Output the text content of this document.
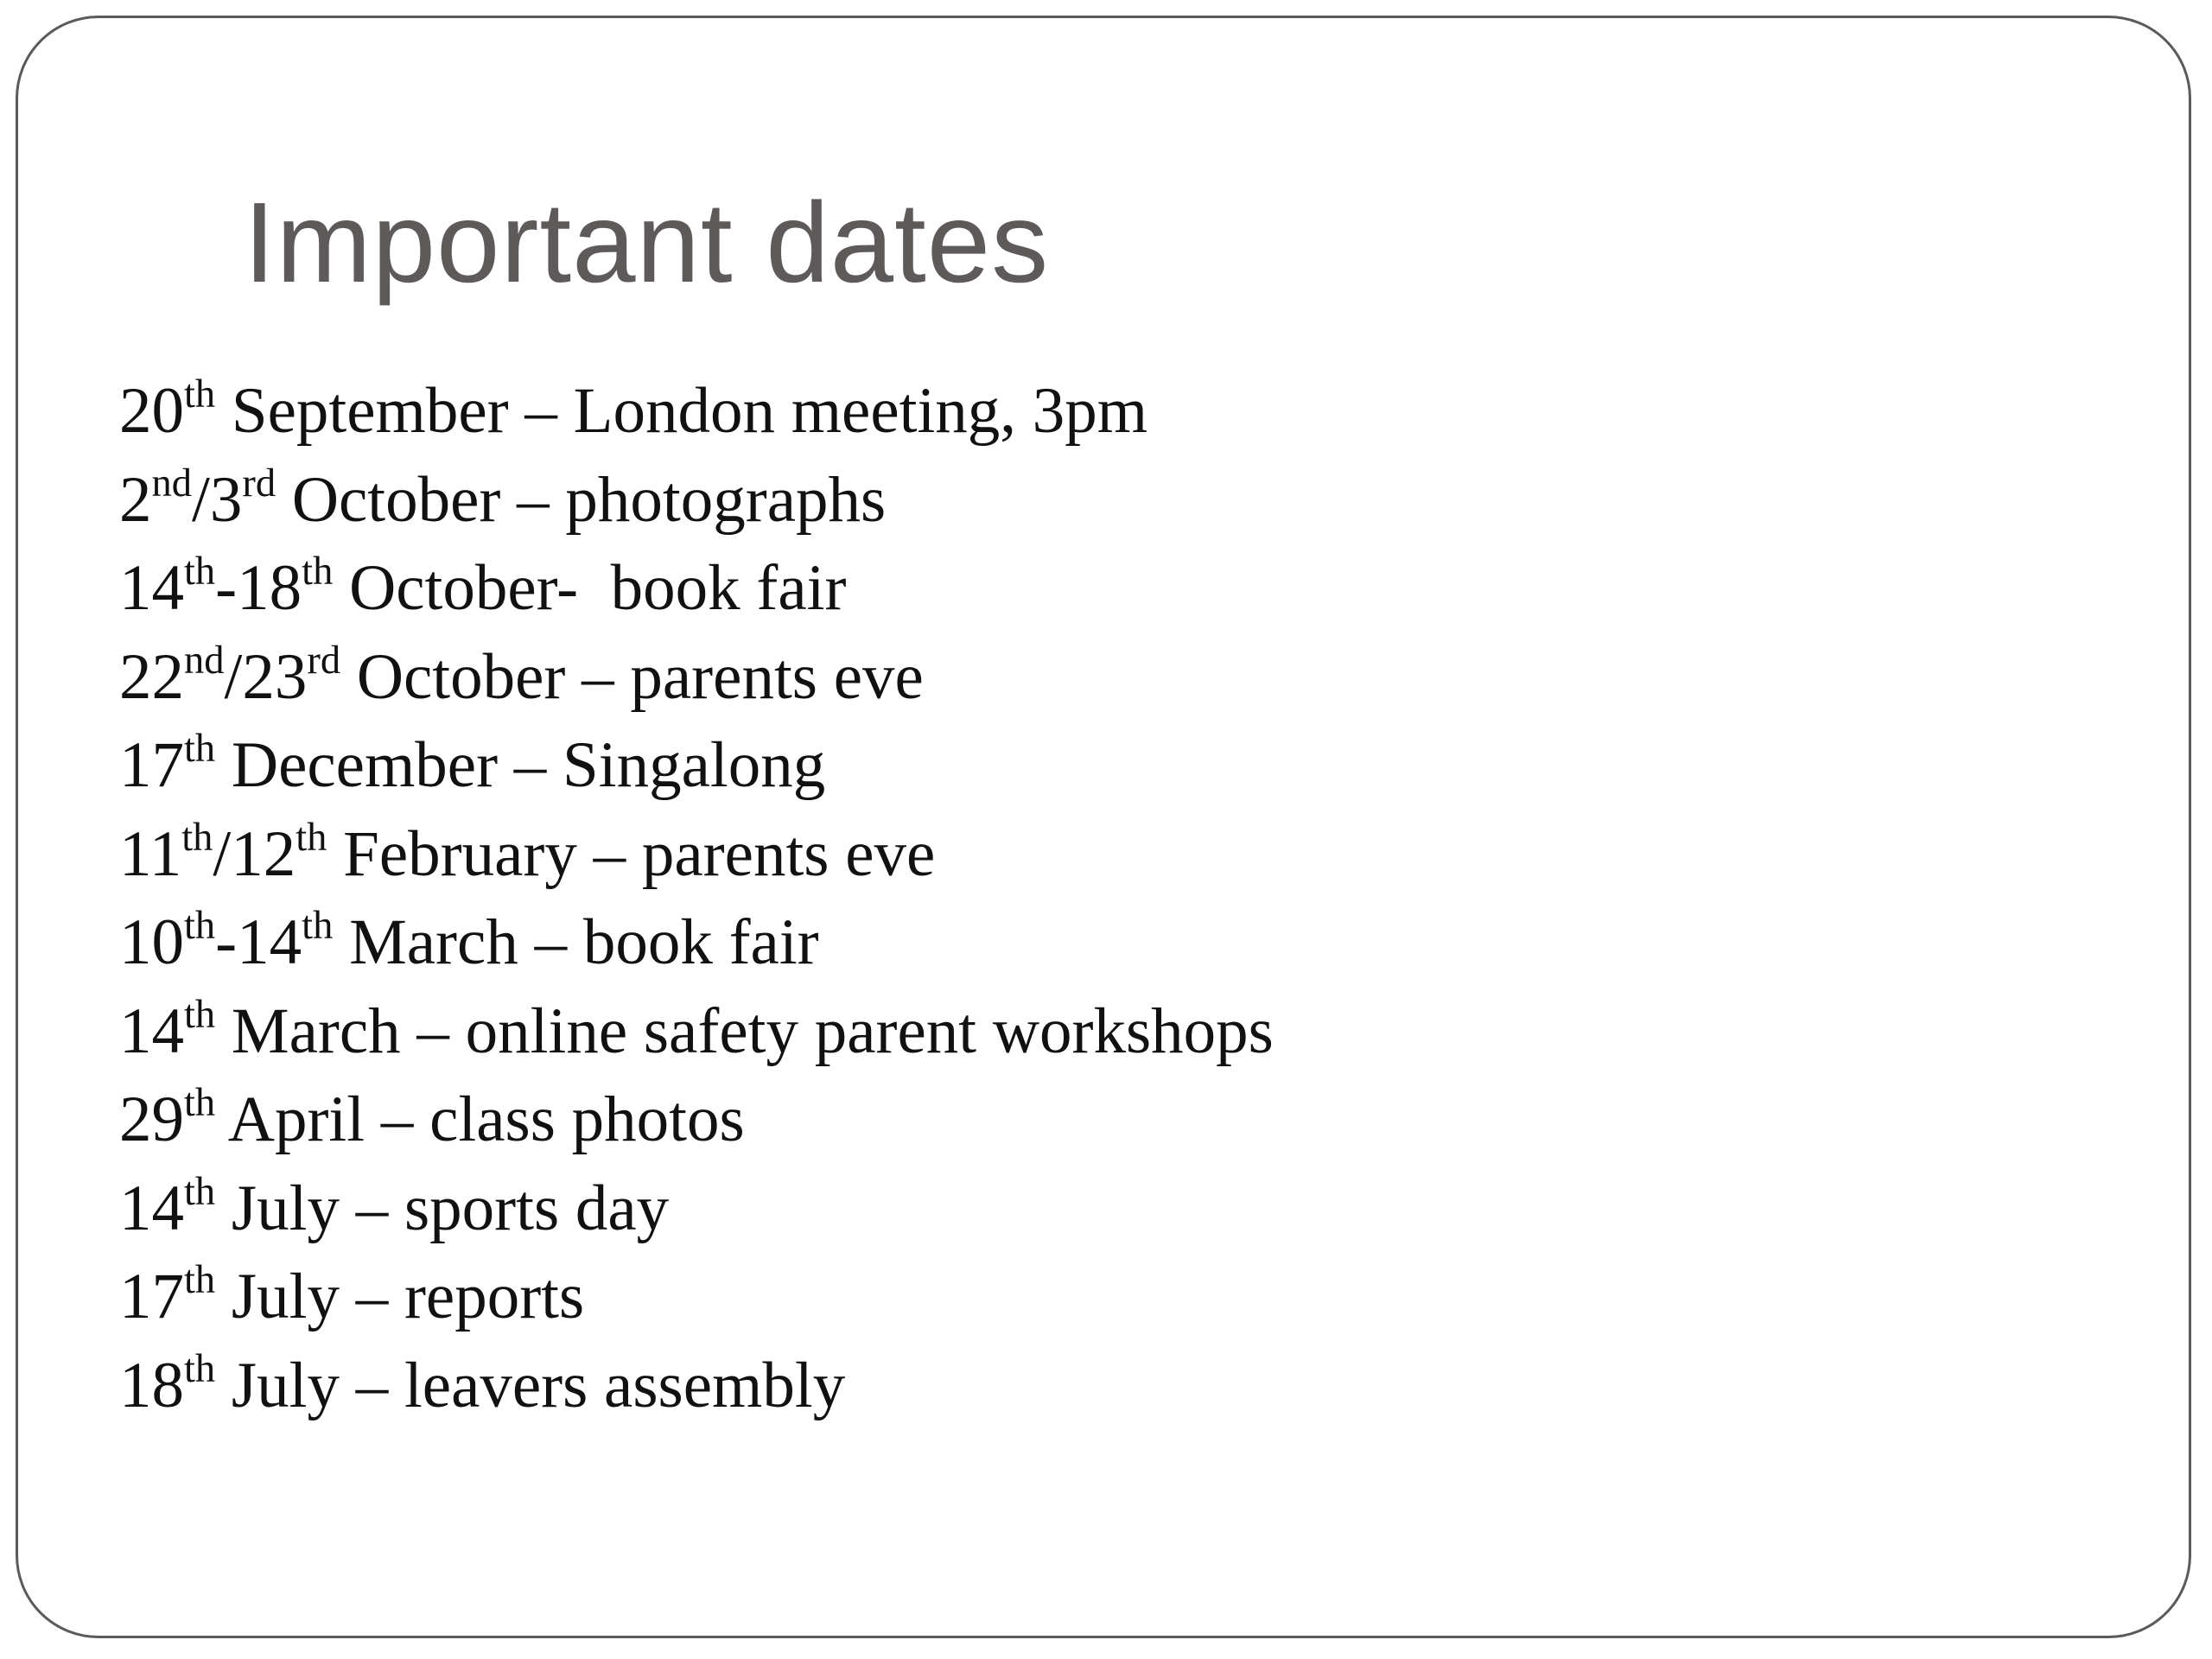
Important dates
20th September – London meeting, 3pm
2nd/3rd October – photographs
14th-18th October-  book fair
22nd/23rd October – parents eve
17th December – Singalong
11th/12th February – parents eve
10th-14th March – book fair
14th March – online safety parent workshops
29th April – class photos
14th July – sports day
17th July – reports
18th July – leavers assembly
